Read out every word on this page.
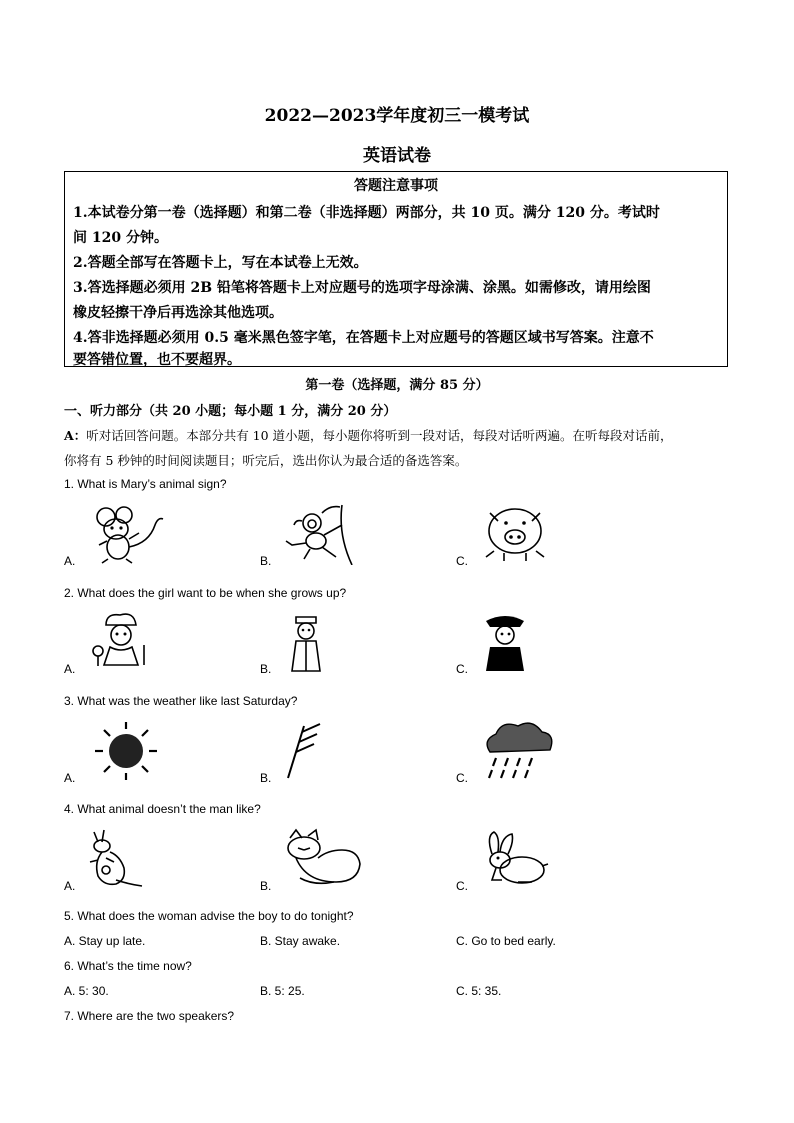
2022—2023学年度初三一模考试
英语试卷
答题注意事项
1.本试卷分第一卷（选择题）和第二卷（非选择题）两部分，共 10 页。满分 120 分。考试时
间 120 分钟。
2.答题全部写在答题卡上，写在本试卷上无效。
3.答选择题必须用 2B 铅笔将答题卡上对应题号的选项字母涂满、涂黑。如需修改，请用绘图
橡皮轻擦干净后再选涂其他选项。
4.答非选择题必须用 0.5 毫米黑色签字笔，在答题卡上对应题号的答题区域书写答案。注意不
要答错位置，也不要超界。
第一卷（选择题，满分 85 分）
一、听力部分（共 20 小题；每小题 1 分，满分 20 分）
A：听对话回答问题。本部分共有 10 道小题，每小题你将听到一段对话，每段对话听两遍。在听每段对话前，
你将有 5 秒钟的时间阅读题目；听完后，选出你认为最合适的备选答案。
1. What is Mary’s animal sign?
A.	B.	C.
2. What does the girl want to be when she grows up?
A.	B.	C.
3. What was the weather like last Saturday?
A.	B.	C.
4. What animal doesn’t the man like?
A.	B.	C.
5. What does the woman advise the boy to do tonight?
A. Stay up late.	B. Stay awake.	C. Go to bed early.
6. What’s the time now?
A. 5: 30.	B. 5: 25.	C. 5: 35.
7. Where are the two speakers?
